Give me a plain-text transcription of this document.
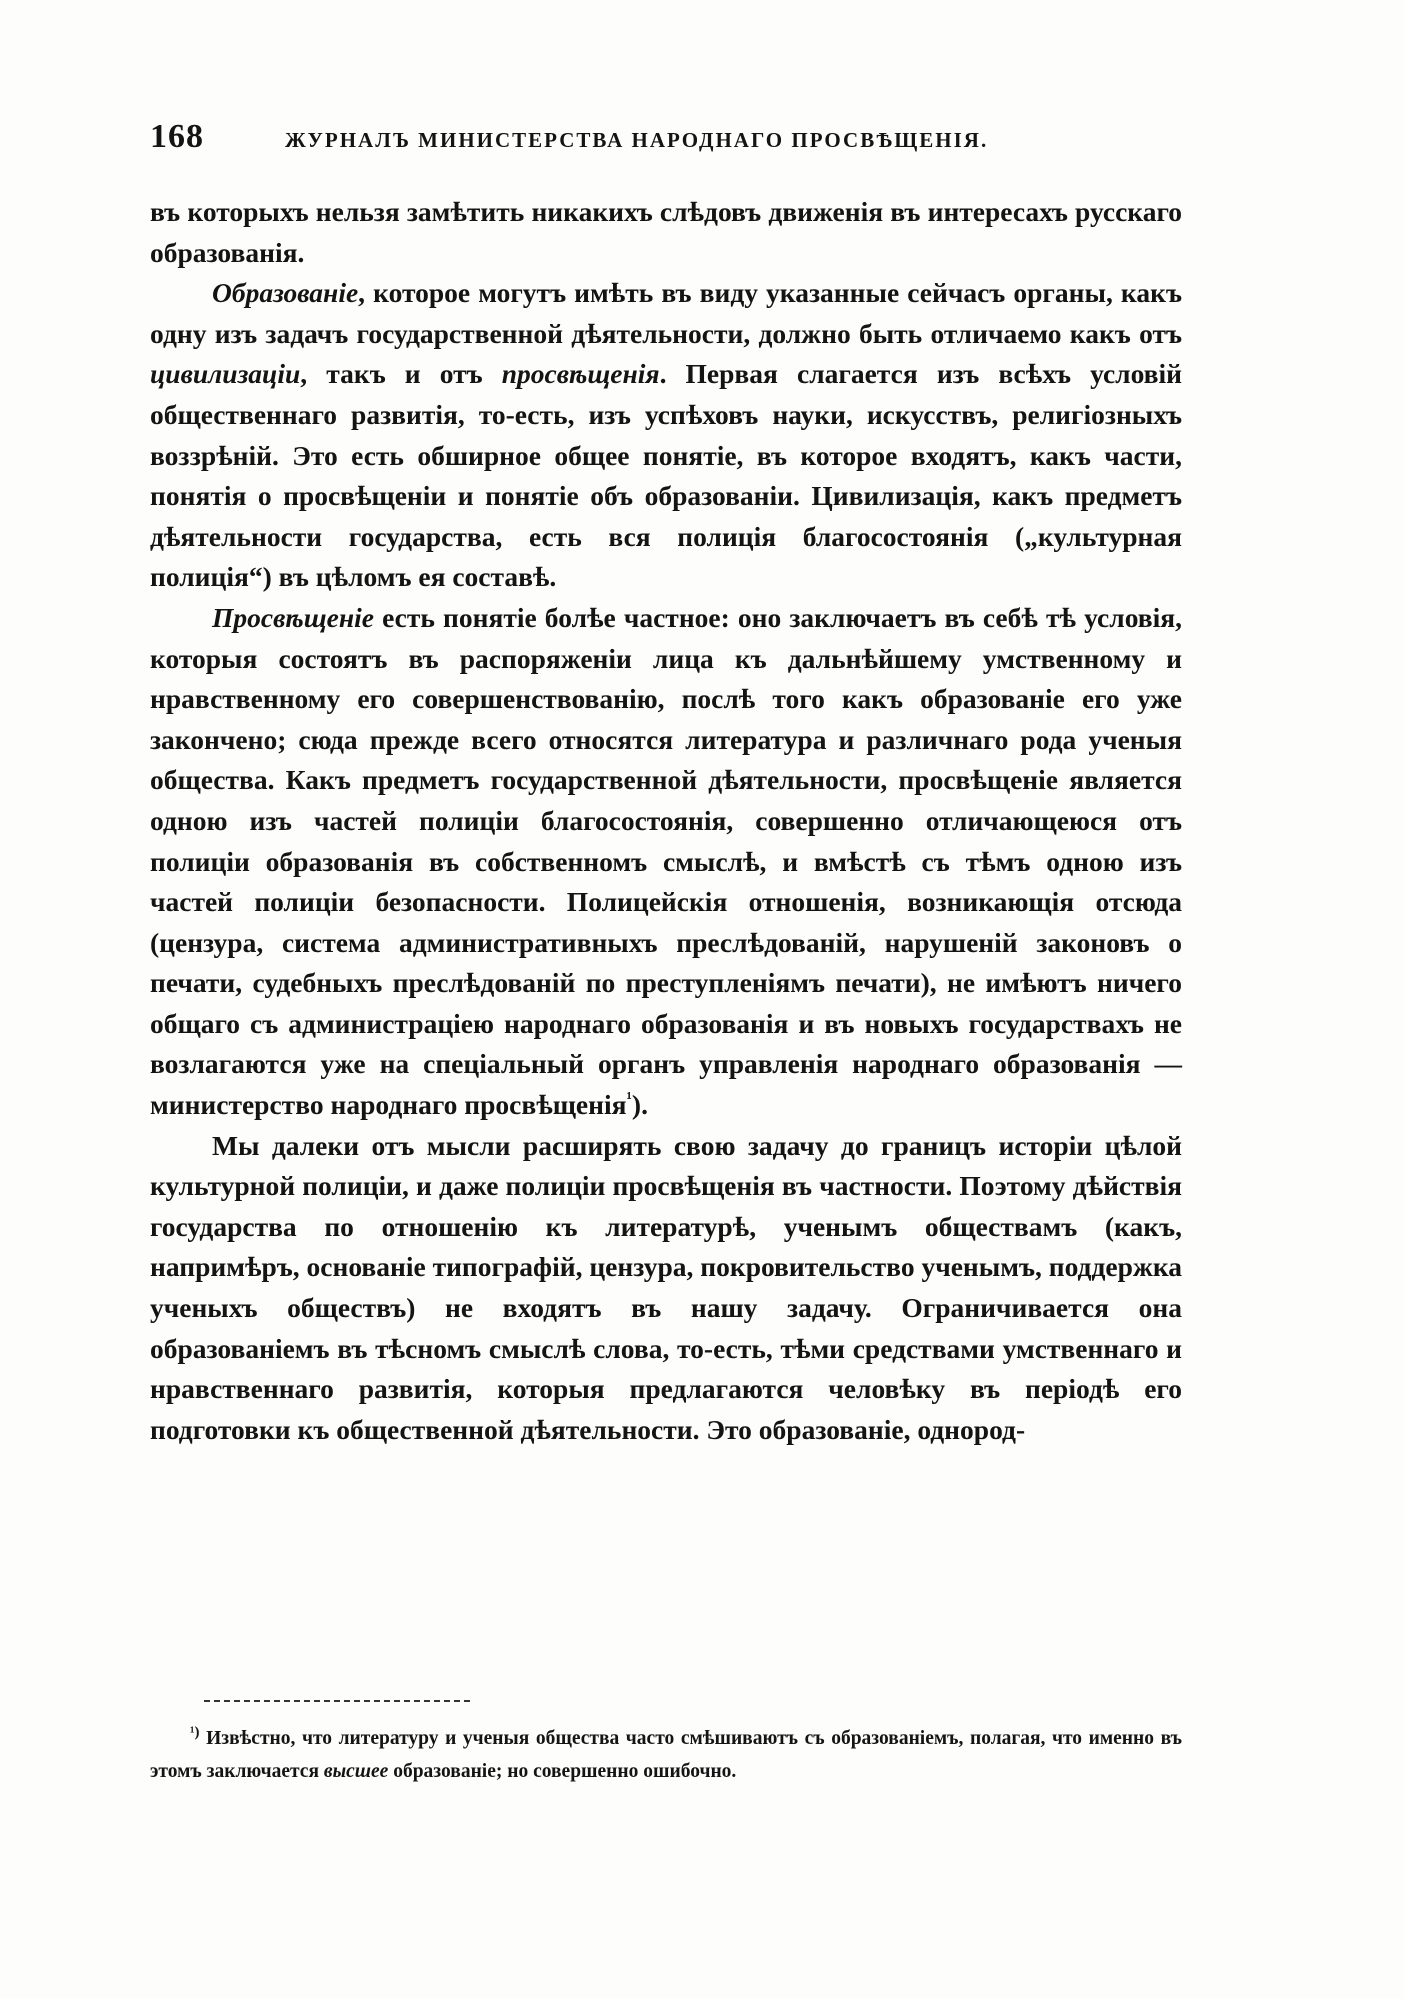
168	ЖУРНАЛЪ МИНИСТЕРСТВА НАРОДНАГО ПРОСВѢЩЕНІЯ.

въ которыхъ нельзя замѣтить никакихъ слѣдовъ движенія въ интересахъ русскаго образованія.

Образованіе, которое могутъ имѣть въ виду указанные сейчасъ органы, какъ одну изъ задачъ государственной дѣятельности, должно быть отличаемо какъ отъ цивилизаціи, такъ и отъ просвѣщенія. Первая слагается изъ всѣхъ условій общественнаго развитія, то-есть, изъ успѣховъ науки, искусствъ, религіозныхъ воззрѣній. Это есть обширное общее понятіе, въ которое входятъ, какъ части, понятія о просвѣщеніи и понятіе объ образованіи. Цивилизація, какъ предметъ дѣятельности государства, есть вся полиція благосостоянія („культурная полиція“) въ цѣломъ ея составѣ.

Просвѣщеніе есть понятіе болѣе частное: оно заключаетъ въ себѣ тѣ условія, которыя состоятъ въ распоряженіи лица къ дальнѣйшему умственному и нравственному его совершенствованію, послѣ того какъ образованіе его уже закончено; сюда прежде всего относятся литература и различнаго рода ученыя общества. Какъ предметъ государственной дѣятельности, просвѣщеніе является одною изъ частей полиціи благосостоянія, совершенно отличающеюся отъ полиціи образованія въ собственномъ смыслѣ, и вмѣстѣ съ тѣмъ одною изъ частей полиціи безопасности. Полицейскія отношенія, возникающія отсюда (цензура, система административныхъ преслѣдованій, нарушеній законовъ о печати, судебныхъ преслѣдованій по преступленіямъ печати), не имѣютъ ничего общаго съ администраціею народнаго образованія и въ новыхъ государствахъ не возлагаются уже на спеціальный органъ управленія народнаго образованія — министерство народнаго просвѣщенія$^{^1}$).

Мы далеки отъ мысли расширять свою задачу до границъ исторіи цѣлой культурной полиціи, и даже полиціи просвѣщенія въ частности. Поэтому дѣйствія государства по отношенію къ литературѣ, ученымъ обществамъ (какъ, напримѣръ, основаніе типографій, цензура, покровительство ученымъ, поддержка ученыхъ обществъ) не входятъ въ нашу задачу. Ограничивается она образованіемъ въ тѣсномъ смыслѣ слова, то-есть, тѣми средствами умственнаго и нравственнаго развитія, которыя предлагаются человѣку въ періодѣ его подготовки къ общественной дѣятельности. Это образованіе, однород-

$^{^1)}$ Извѣстно, что литературу и ученыя общества часто смѣшиваютъ съ образованіемъ, полагая, что именно въ этомъ заключается высшее образованіе; но совершенно ошибочно.
